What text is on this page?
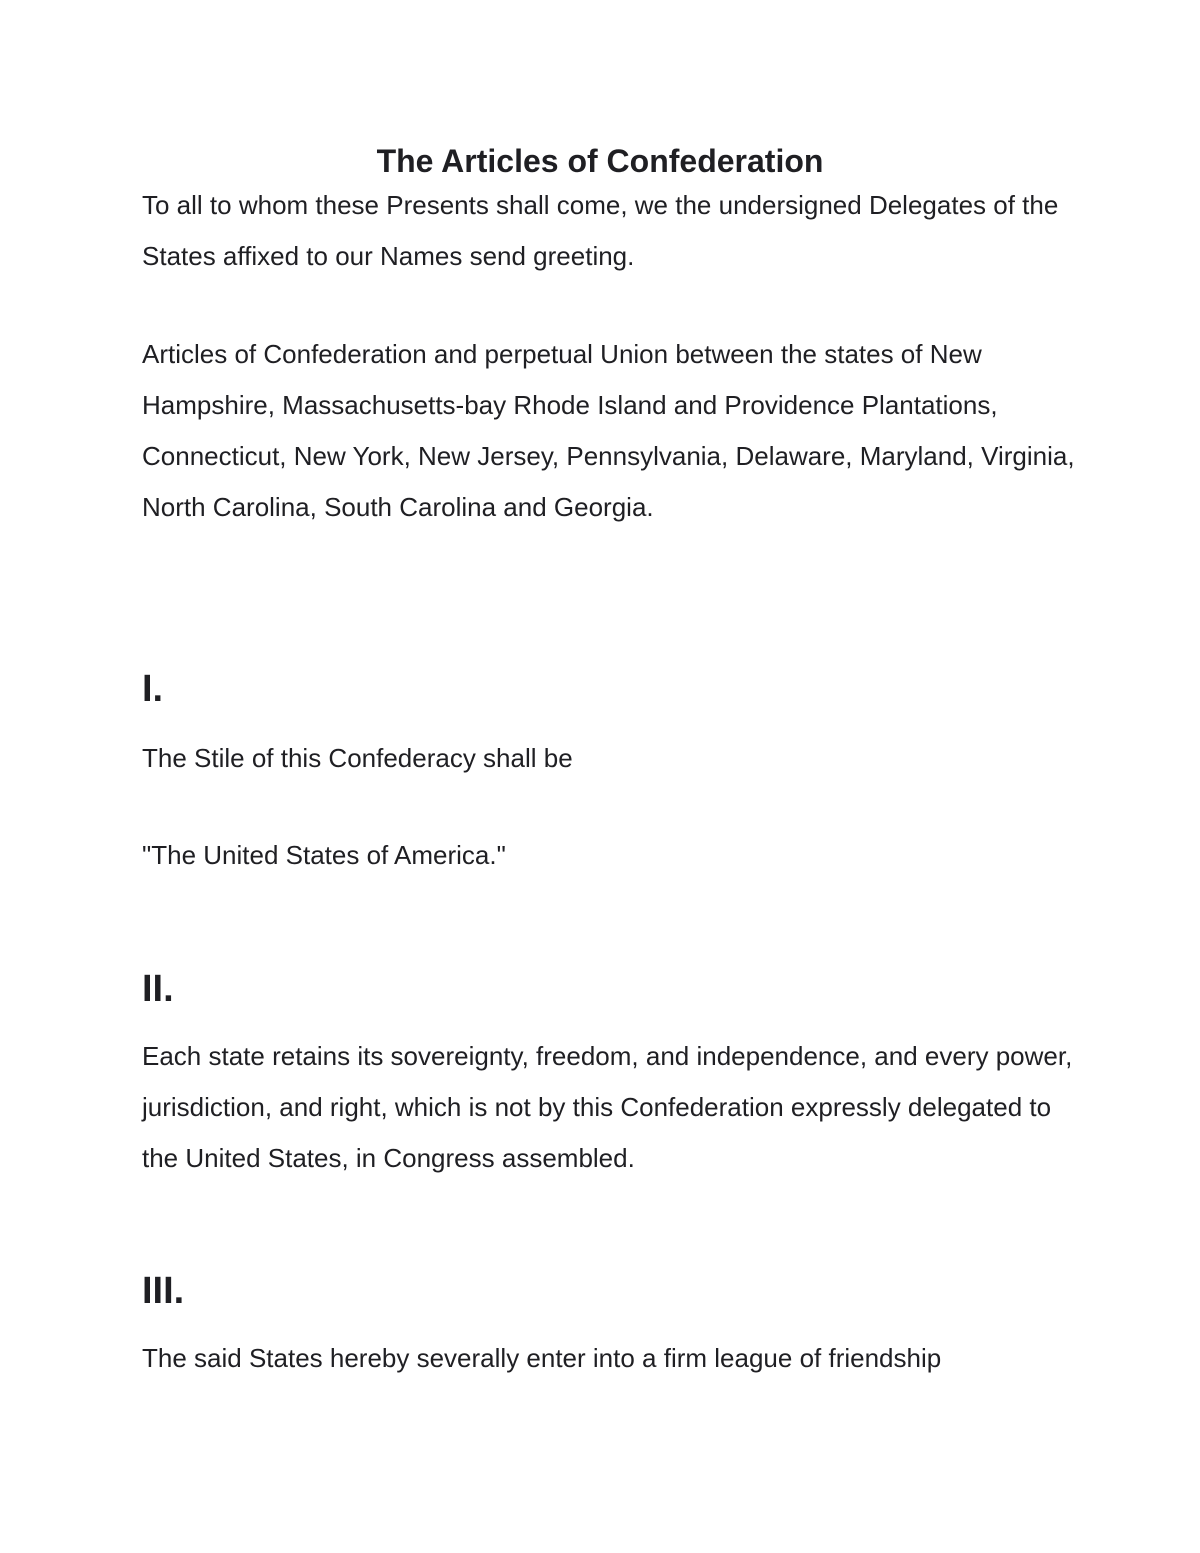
The Articles of Confederation

To all to whom these Presents shall come, we the undersigned Delegates of the States affixed to our Names send greeting.

Articles of Confederation and perpetual Union between the states of New Hampshire, Massachusetts-bay Rhode Island and Providence Plantations, Connecticut, New York, New Jersey, Pennsylvania, Delaware, Maryland, Virginia, North Carolina, South Carolina and Georgia.

I.

The Stile of this Confederacy shall be

"The United States of America."

II.

Each state retains its sovereignty, freedom, and independence, and every power, jurisdiction, and right, which is not by this Confederation expressly delegated to the United States, in Congress assembled.

III.

The said States hereby severally enter into a firm league of friendship
